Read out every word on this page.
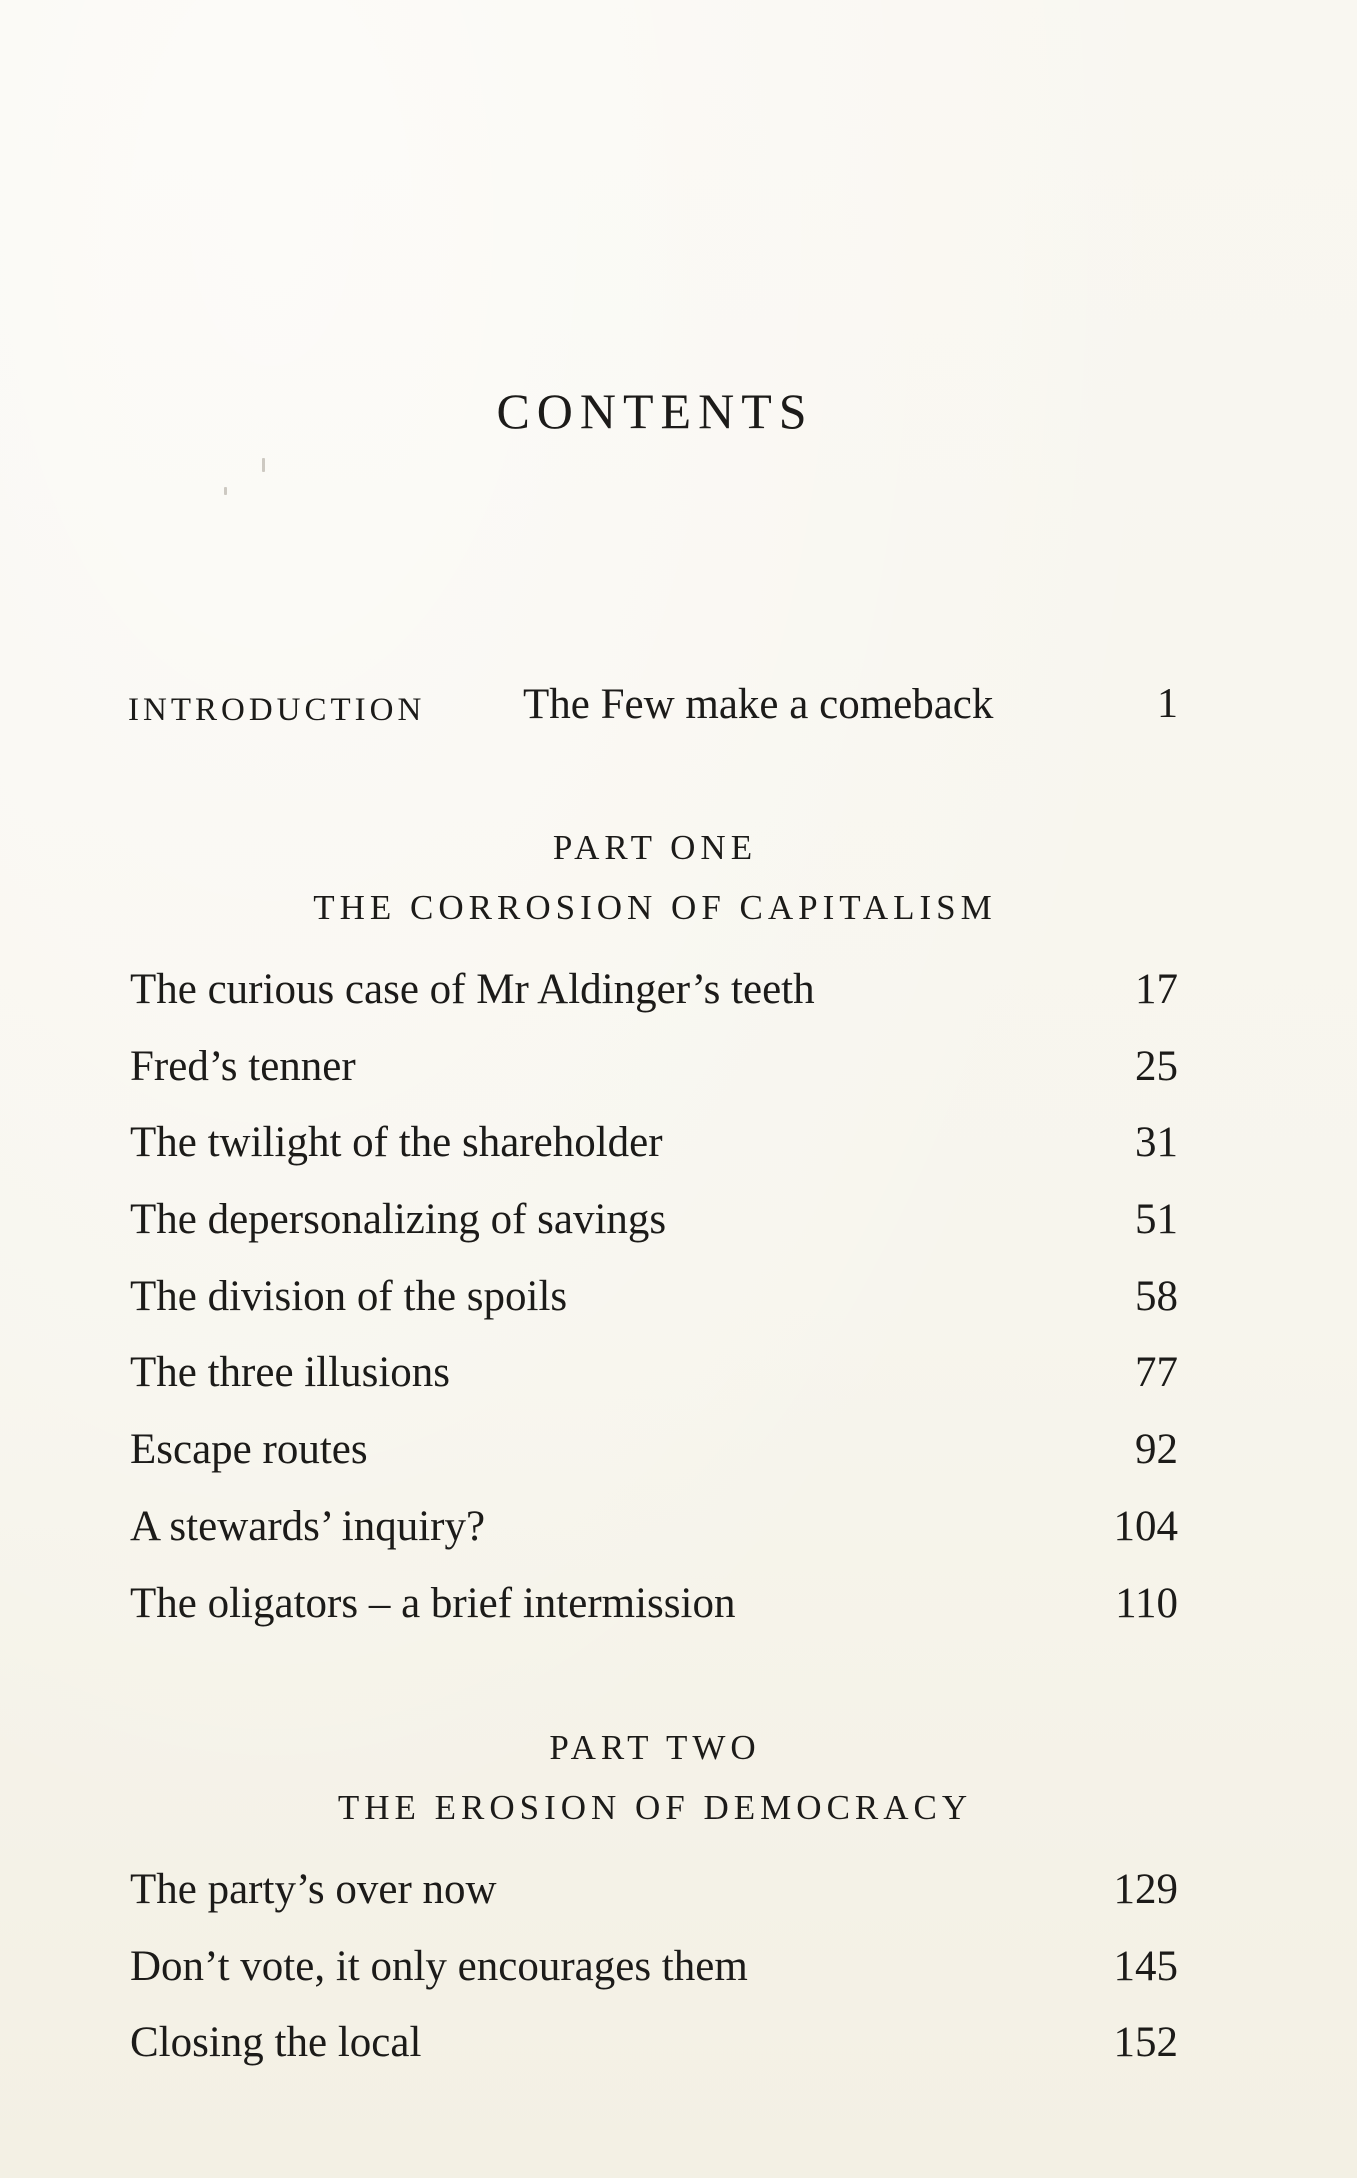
CONTENTS
INTRODUCTION The Few make a comeback	1
PART ONE
THE CORROSION OF CAPITALISM
The curious case of Mr Aldinger’s teeth	17
Fred’s tenner	25
The twilight of the shareholder	31
The depersonalizing of savings	51
The division of the spoils	58
The three illusions	77
Escape routes	92
A stewards’ inquiry?	104
The oligators – a brief intermission	110
PART TWO
THE EROSION OF DEMOCRACY
The party’s over now	129
Don’t vote, it only encourages them	145
Closing the local	152
